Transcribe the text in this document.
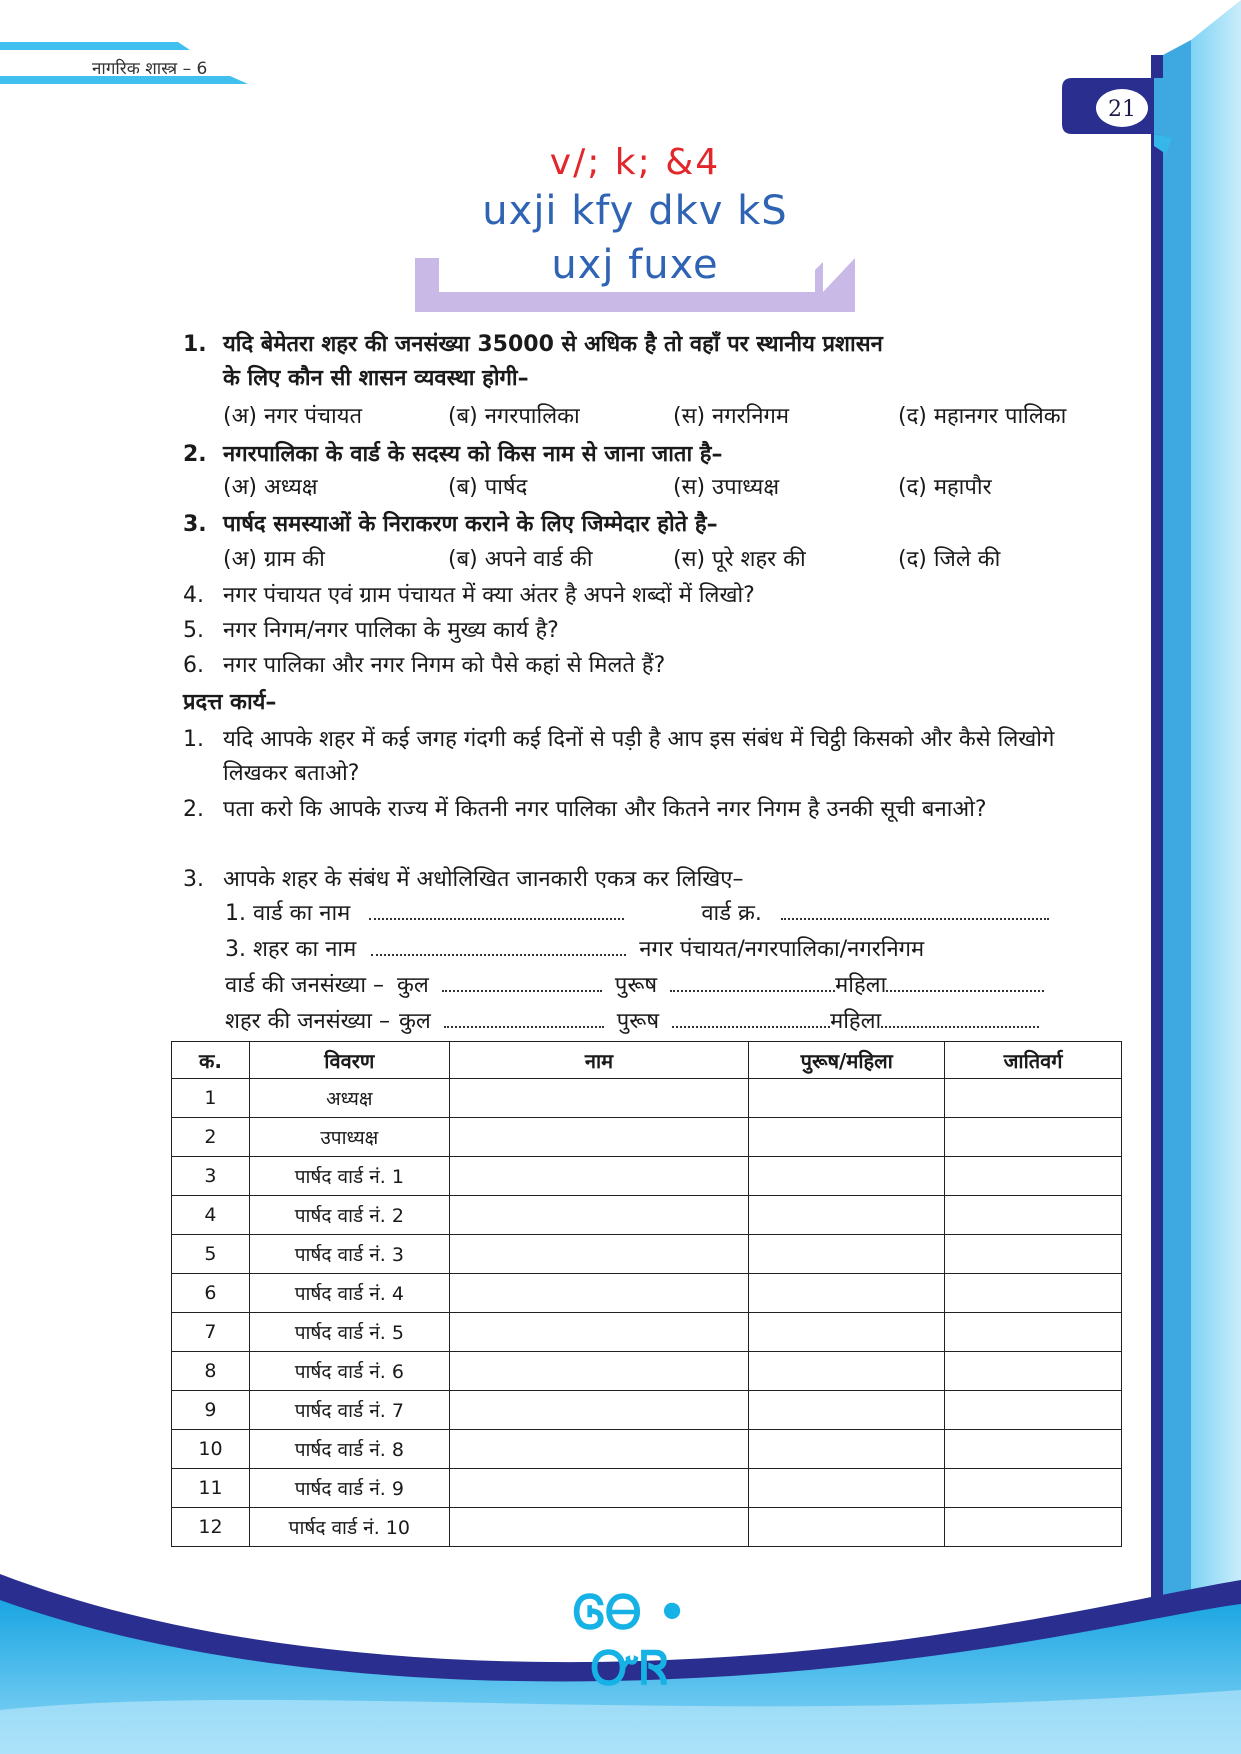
नागरिक शास्त्र – 6
21
v/; k; &4
uxji kfy dkv kS
uxj fuxe
1. यदि बेमेतरा शहर की जनसंख्या 35000 से अधिक है तो वहाँ पर स्थानीय प्रशासन
के लिए कौन सी शासन व्यवस्था होगी–
(अ) नगर पंचायत	(ब) नगरपालिका	(स) नगरनिगम	(द) महानगर पालिका
2. नगरपालिका के वार्ड के सदस्य को किस नाम से जाना जाता है–
(अ) अध्यक्ष	(ब) पार्षद	(स) उपाध्यक्ष	(द) महापौर
3. पार्षद समस्याओं के निराकरण कराने के लिए जिम्मेदार होते है–
(अ) ग्राम की	(ब) अपने वार्ड की	(स) पूरे शहर की	(द) जिले की
4. नगर पंचायत एवं ग्राम पंचायत में क्या अंतर है अपने शब्दों में लिखो?
5. नगर निगम/नगर पालिका के मुख्य कार्य है?
6. नगर पालिका और नगर निगम को पैसे कहां से मिलते हैं?
प्रदत्त कार्य–
1. यदि आपके शहर में कई जगह गंदगी कई दिनों से पड़ी है आप इस संबंध में चिट्ठी किसको और कैसे लिखोगे लिखकर बताओ?
2. पता करो कि आपके राज्य में कितनी नगर पालिका और कितने नगर निगम है उनकी सूची बनाओ?
3. आपके शहर के संबंध में अधोलिखित जानकारी एकत्र कर लिखिए–
1. वार्ड का नाम	वार्ड क्र.
3. शहर का नाम	नगर पंचायत/नगरपालिका/नगरनिगम
वार्ड की जनसंख्या – कुल	पुरूष	महिला
शहर की जनसंख्या – कुल	पुरूष	महिला
क.	विवरण	नाम	पुरूष/महिला	जातिवर्ग
1	अध्यक्ष			
2	उपाध्यक्ष			
3	पार्षद वार्ड नं. 1			
4	पार्षद वार्ड नं. 2			
5	पार्षद वार्ड नं. 3			
6	पार्षद वार्ड नं. 4			
7	पार्षद वार्ड नं. 5			
8	पार्षद वार्ड नं. 6			
9	पार्षद वार्ड नं. 7			
10	पार्षद वार्ड नं. 8			
11	पार्षद वार्ड नं. 9			
12	पार्षद वार्ड नं. 10			
ᎶᎾ • ᏅᏒ
